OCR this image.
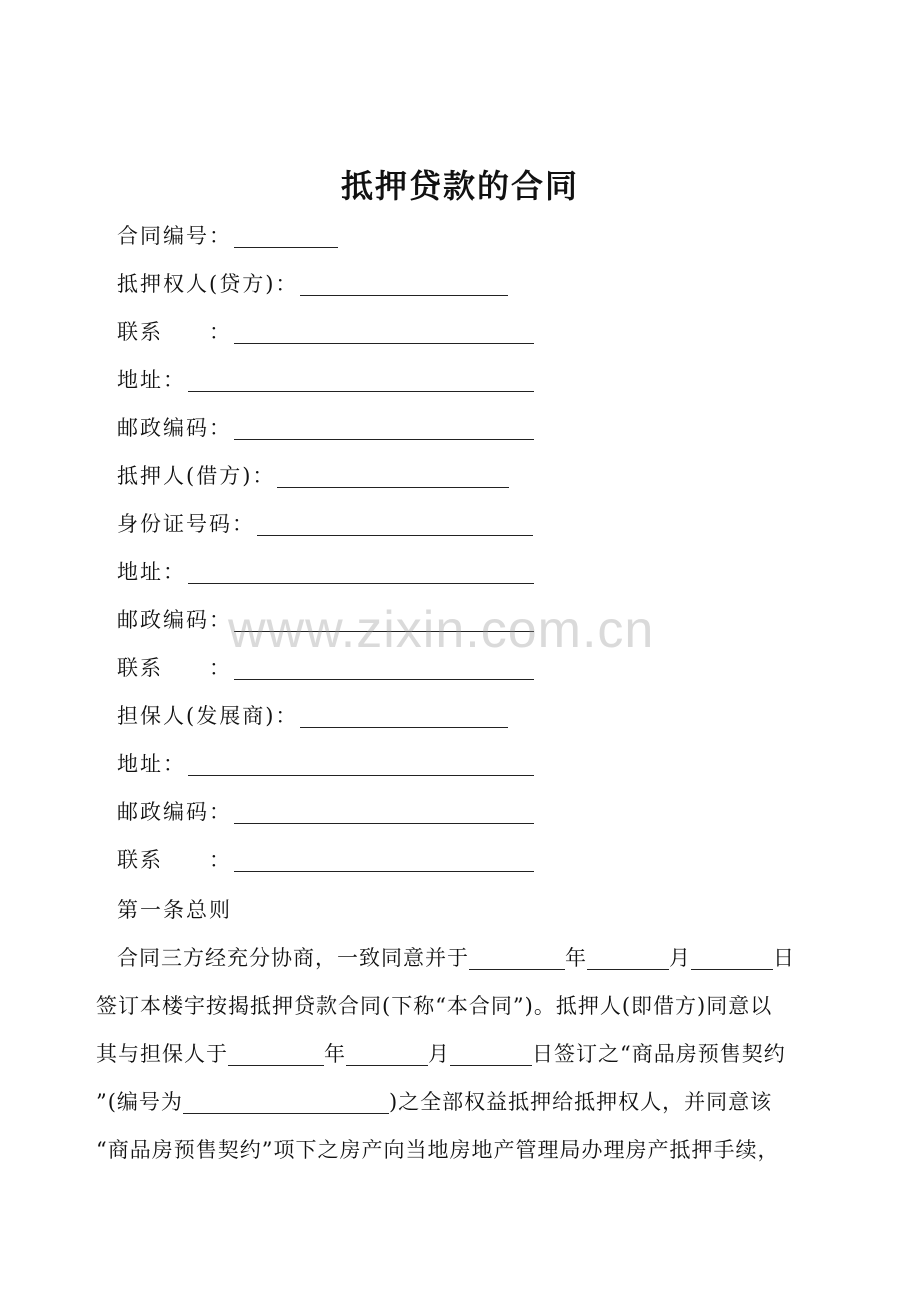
抵押贷款的合同
合同编号：
抵押权人(贷方)：
联系　　：
地址：
邮政编码：
抵押人(借方)：
身份证号码：
地址：
邮政编码：
联系　　：
担保人(发展商)：
地址：
邮政编码：
联系　　：
第一条总则
合同三方经充分协商，一致同意并于	年	月	日
签订本楼宇按揭抵押贷款合同(下称“本合同”)。抵押人(即借方)同意以
其与担保人于	年	月	日签订之“商品房预售契约
”(编号为	)之全部权益抵押给抵押权人，并同意该
“商品房预售契约”项下之房产向当地房地产管理局办理房产抵押手续，
www.zixin.com.cn
